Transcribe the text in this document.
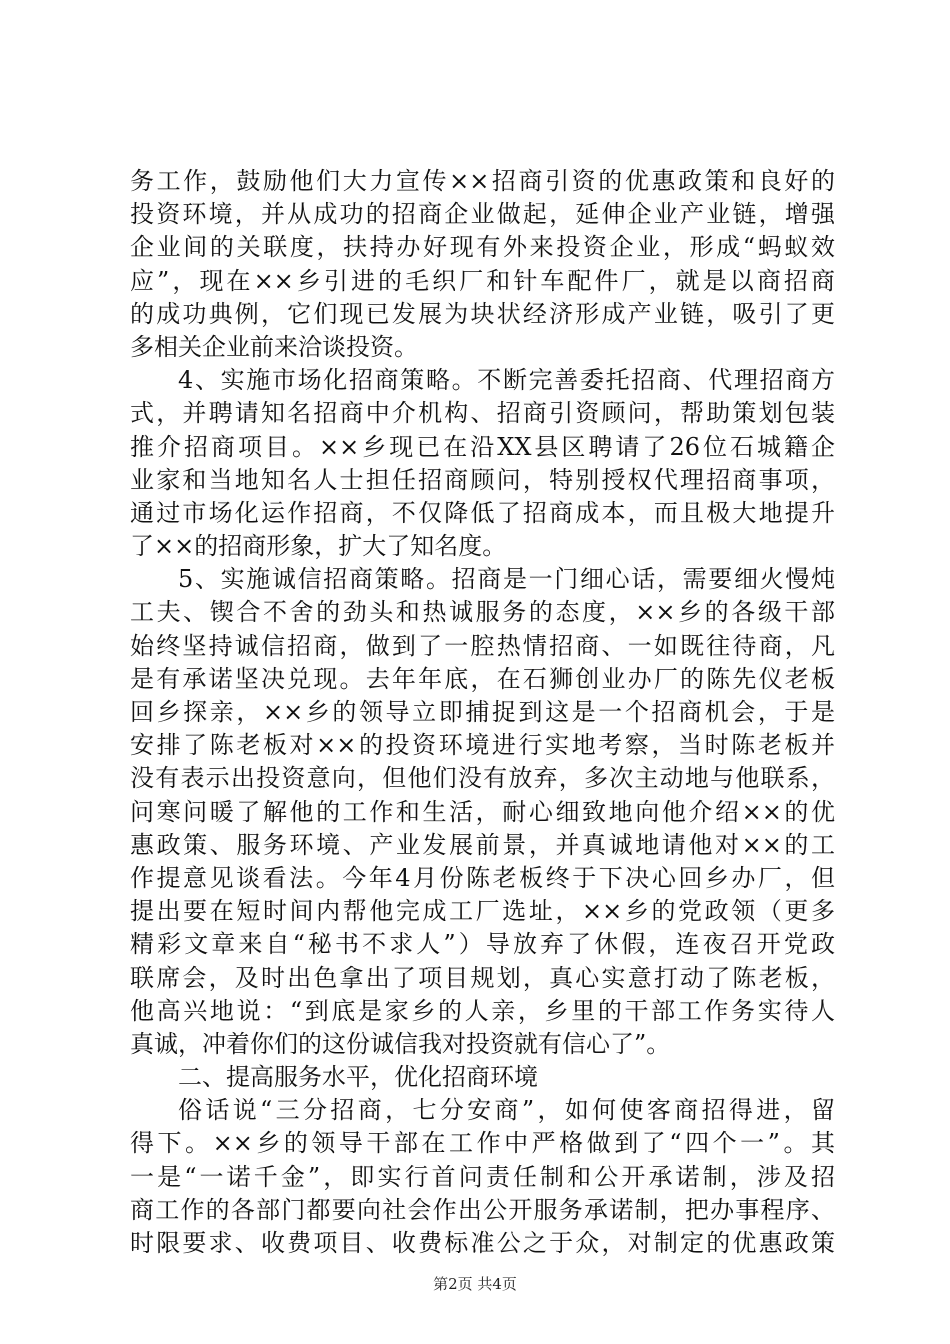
务工作，鼓励他们大力宣传××招商引资的优惠政策和良好的
投资环境，并从成功的招商企业做起，延伸企业产业链，增强
企业间的关联度，扶持办好现有外来投资企业，形成“蚂蚁效
应”，现在××乡引进的毛织厂和针车配件厂，就是以商招商
的成功典例，它们现已发展为块状经济形成产业链，吸引了更
多相关企业前来洽谈投资。
4、实施市场化招商策略。不断完善委托招商、代理招商方
式，并聘请知名招商中介机构、招商引资顾问，帮助策划包装
推介招商项目。××乡现已在沿XX县区聘请了26位石城籍企
业家和当地知名人士担任招商顾问，特别授权代理招商事项，
通过市场化运作招商，不仅降低了招商成本，而且极大地提升
了××的招商形象，扩大了知名度。
5、实施诚信招商策略。招商是一门细心话，需要细火慢炖
工夫、锲合不舍的劲头和热诚服务的态度，××乡的各级干部
始终坚持诚信招商，做到了一腔热情招商、一如既往待商，凡
是有承诺坚决兑现。去年年底，在石狮创业办厂的陈先仪老板
回乡探亲，××乡的领导立即捕捉到这是一个招商机会，于是
安排了陈老板对××的投资环境进行实地考察，当时陈老板并
没有表示出投资意向，但他们没有放弃，多次主动地与他联系，
问寒问暖了解他的工作和生活，耐心细致地向他介绍××的优
惠政策、服务环境、产业发展前景，并真诚地请他对××的工
作提意见谈看法。今年4月份陈老板终于下决心回乡办厂，但
提出要在短时间内帮他完成工厂选址，××乡的党政领（更多
精彩文章来自“秘书不求人”）导放弃了休假，连夜召开党政
联席会，及时出色拿出了项目规划，真心实意打动了陈老板，
他高兴地说：“到底是家乡的人亲，乡里的干部工作务实待人
真诚，冲着你们的这份诚信我对投资就有信心了”。
二、提高服务水平，优化招商环境
俗话说“三分招商，七分安商”，如何使客商招得进，留
得下。××乡的领导干部在工作中严格做到了“四个一”。其
一是“一诺千金”，即实行首问责任制和公开承诺制，涉及招
商工作的各部门都要向社会作出公开服务承诺制，把办事程序、
时限要求、收费项目、收费标准公之于众，对制定的优惠政策
第2页 共4页
